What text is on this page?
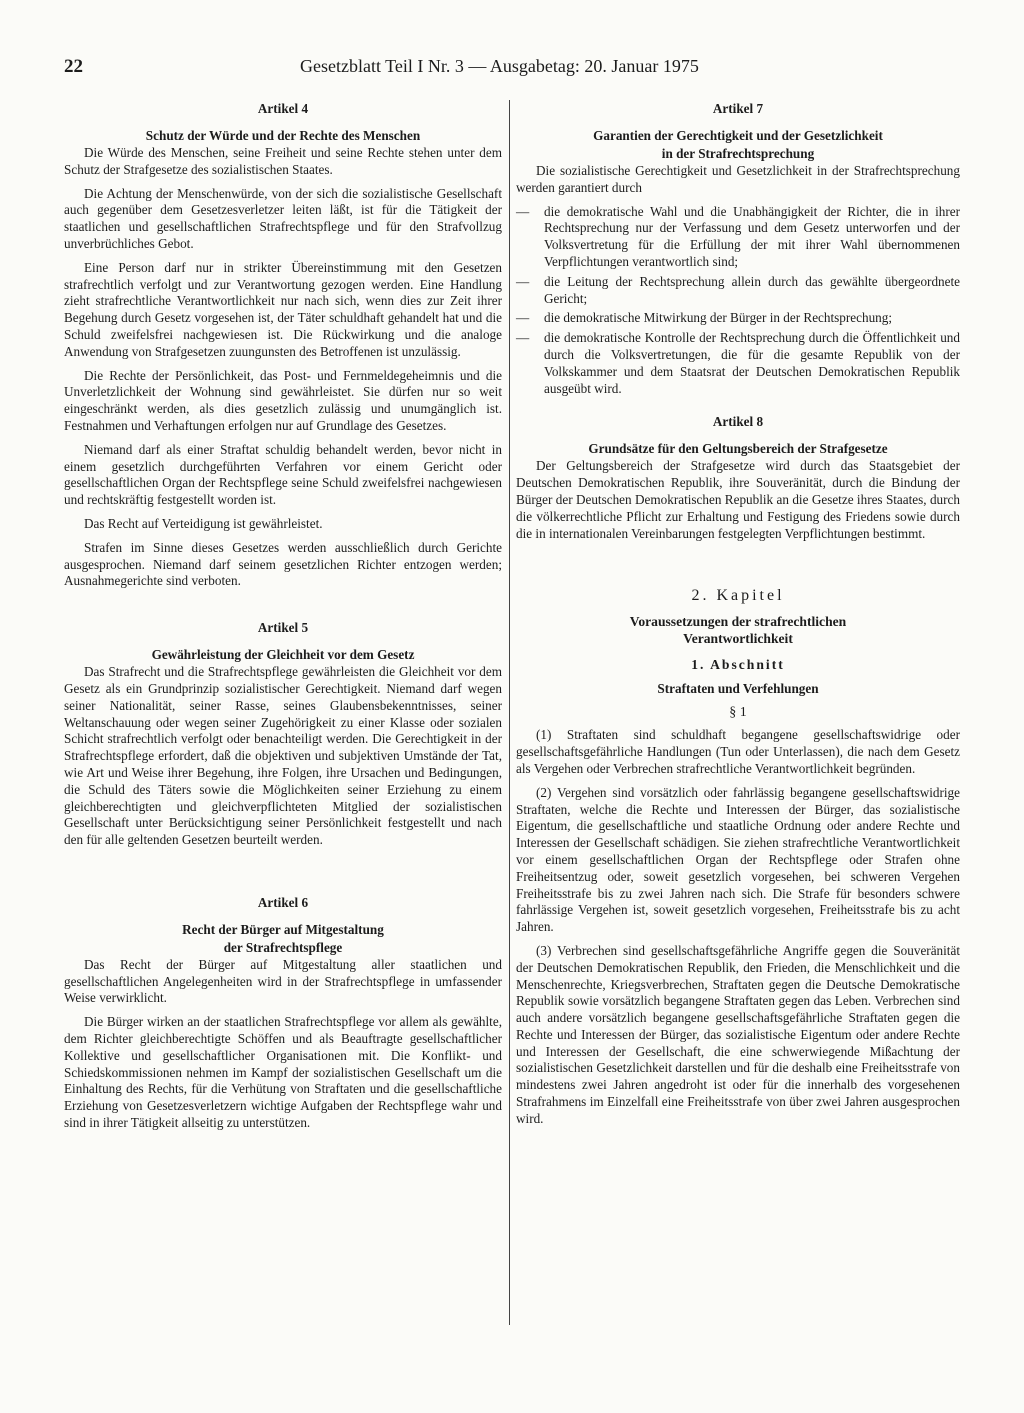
22	Gesetzblatt Teil I Nr. 3 — Ausgabetag: 20. Januar 1975
Artikel 4
Schutz der Würde und der Rechte des Menschen

Die Würde des Menschen, seine Freiheit und seine Rechte stehen unter dem Schutz der Strafgesetze des sozialistischen Staates.

Die Achtung der Menschenwürde, von der sich die sozialistische Gesellschaft auch gegenüber dem Gesetzesverletzer leiten läßt, ist für die Tätigkeit der staatlichen und gesellschaftlichen Strafrechtspflege und für den Strafvollzug unverbrüchliches Gebot.

Eine Person darf nur in strikter Übereinstimmung mit den Gesetzen strafrechtlich verfolgt und zur Verantwortung gezogen werden. Eine Handlung zieht strafrechtliche Verantwortlichkeit nur nach sich, wenn dies zur Zeit ihrer Begehung durch Gesetz vorgesehen ist, der Täter schuldhaft gehandelt hat und die Schuld zweifelsfrei nachgewiesen ist. Die Rückwirkung und die analoge Anwendung von Strafgesetzen zuungunsten des Betroffenen ist unzulässig.

Die Rechte der Persönlichkeit, das Post- und Fernmeldegeheimnis und die Unverletzlichkeit der Wohnung sind gewährleistet. Sie dürfen nur so weit eingeschränkt werden, als dies gesetzlich zulässig und unumgänglich ist. Festnahmen und Verhaftungen erfolgen nur auf Grundlage des Gesetzes.

Niemand darf als einer Straftat schuldig behandelt werden, bevor nicht in einem gesetzlich durchgeführten Verfahren vor einem Gericht oder gesellschaftlichen Organ der Rechtspflege seine Schuld zweifelsfrei nachgewiesen und rechtskräftig festgestellt worden ist.

Das Recht auf Verteidigung ist gewährleistet.

Strafen im Sinne dieses Gesetzes werden ausschließlich durch Gerichte ausgesprochen. Niemand darf seinem gesetzlichen Richter entzogen werden; Ausnahmegerichte sind verboten.

Artikel 5
Gewährleistung der Gleichheit vor dem Gesetz

Das Strafrecht und die Strafrechtspflege gewährleisten die Gleichheit vor dem Gesetz als ein Grundprinzip sozialistischer Gerechtigkeit. Niemand darf wegen seiner Nationalität, seiner Rasse, seines Glaubensbekenntnisses, seiner Weltanschauung oder wegen seiner Zugehörigkeit zu einer Klasse oder sozialen Schicht strafrechtlich verfolgt oder benachteiligt werden. Die Gerechtigkeit in der Strafrechtspflege erfordert, daß die objektiven und subjektiven Umstände der Tat, wie Art und Weise ihrer Begehung, ihre Folgen, ihre Ursachen und Bedingungen, die Schuld des Täters sowie die Möglichkeiten seiner Erziehung zu einem gleichberechtigten und gleichverpflichteten Mitglied der sozialistischen Gesellschaft unter Berücksichtigung seiner Persönlichkeit festgestellt und nach den für alle geltenden Gesetzen beurteilt werden.

Artikel 6
Recht der Bürger auf Mitgestaltung
der Strafrechtspflege

Das Recht der Bürger auf Mitgestaltung aller staatlichen und gesellschaftlichen Angelegenheiten wird in der Strafrechtspflege in umfassender Weise verwirklicht.

Die Bürger wirken an der staatlichen Strafrechtspflege vor allem als gewählte, dem Richter gleichberechtigte Schöffen und als Beauftragte gesellschaftlicher Kollektive und gesellschaftlicher Organisationen mit. Die Konflikt- und Schiedskommissionen nehmen im Kampf der sozialistischen Gesellschaft um die Einhaltung des Rechts, für die Verhütung von Straftaten und die gesellschaftliche Erziehung von Gesetzesverletzern wichtige Aufgaben der Rechtspflege wahr und sind in ihrer Tätigkeit allseitig zu unterstützen.

Artikel 7
Garantien der Gerechtigkeit und der Gesetzlichkeit
in der Strafrechtsprechung

Die sozialistische Gerechtigkeit und Gesetzlichkeit in der Strafrechtsprechung werden garantiert durch

— die demokratische Wahl und die Unabhängigkeit der Richter, die in ihrer Rechtsprechung nur der Verfassung und dem Gesetz unterworfen und der Volksvertretung für die Erfüllung der mit ihrer Wahl übernommenen Verpflichtungen verantwortlich sind;
— die Leitung der Rechtsprechung allein durch das gewählte übergeordnete Gericht;
— die demokratische Mitwirkung der Bürger in der Rechtsprechung;
— die demokratische Kontrolle der Rechtsprechung durch die Öffentlichkeit und durch die Volksvertretungen, die für die gesamte Republik von der Volkskammer und dem Staatsrat der Deutschen Demokratischen Republik ausgeübt wird.
Artikel 8
Grundsätze für den Geltungsbereich der Strafgesetze

Der Geltungsbereich der Strafgesetze wird durch das Staatsgebiet der Deutschen Demokratischen Republik, ihre Souveränität, durch die Bindung der Bürger der Deutschen Demokratischen Republik an die Gesetze ihres Staates, durch die völkerrechtliche Pflicht zur Erhaltung und Festigung des Friedens sowie durch die in internationalen Vereinbarungen festgelegten Verpflichtungen bestimmt.

2. Kapitel
Voraussetzungen der strafrechtlichen
Verantwortlichkeit
1. Abschnitt
Straftaten und Verfehlungen
§ 1

(1) Straftaten sind schuldhaft begangene gesellschaftswidrige oder gesellschaftsgefährliche Handlungen (Tun oder Unterlassen), die nach dem Gesetz als Vergehen oder Verbrechen strafrechtliche Verantwortlichkeit begründen.

(2) Vergehen sind vorsätzlich oder fahrlässig begangene gesellschaftswidrige Straftaten, welche die Rechte und Interessen der Bürger, das sozialistische Eigentum, die gesellschaftliche und staatliche Ordnung oder andere Rechte und Interessen der Gesellschaft schädigen. Sie ziehen strafrechtliche Verantwortlichkeit vor einem gesellschaftlichen Organ der Rechtspflege oder Strafen ohne Freiheitsentzug oder, soweit gesetzlich vorgesehen, bei schweren Vergehen Freiheitsstrafe bis zu zwei Jahren nach sich. Die Strafe für besonders schwere fahrlässige Vergehen ist, soweit gesetzlich vorgesehen, Freiheitsstrafe bis zu acht Jahren.

(3) Verbrechen sind gesellschaftsgefährliche Angriffe gegen die Souveränität der Deutschen Demokratischen Republik, den Frieden, die Menschlichkeit und die Menschenrechte, Kriegsverbrechen, Straftaten gegen die Deutsche Demokratische Republik sowie vorsätzlich begangene Straftaten gegen das Leben. Verbrechen sind auch andere vorsätzlich begangene gesellschaftsgefährliche Straftaten gegen die Rechte und Interessen der Bürger, das sozialistische Eigentum oder andere Rechte und Interessen der Gesellschaft, die eine schwerwiegende Mißachtung der sozialistischen Gesetzlichkeit darstellen und für die deshalb eine Freiheitsstrafe von mindestens zwei Jahren angedroht ist oder für die innerhalb des vorgesehenen Strafrahmens im Einzelfall eine Freiheitsstrafe von über zwei Jahren ausgesprochen wird.
